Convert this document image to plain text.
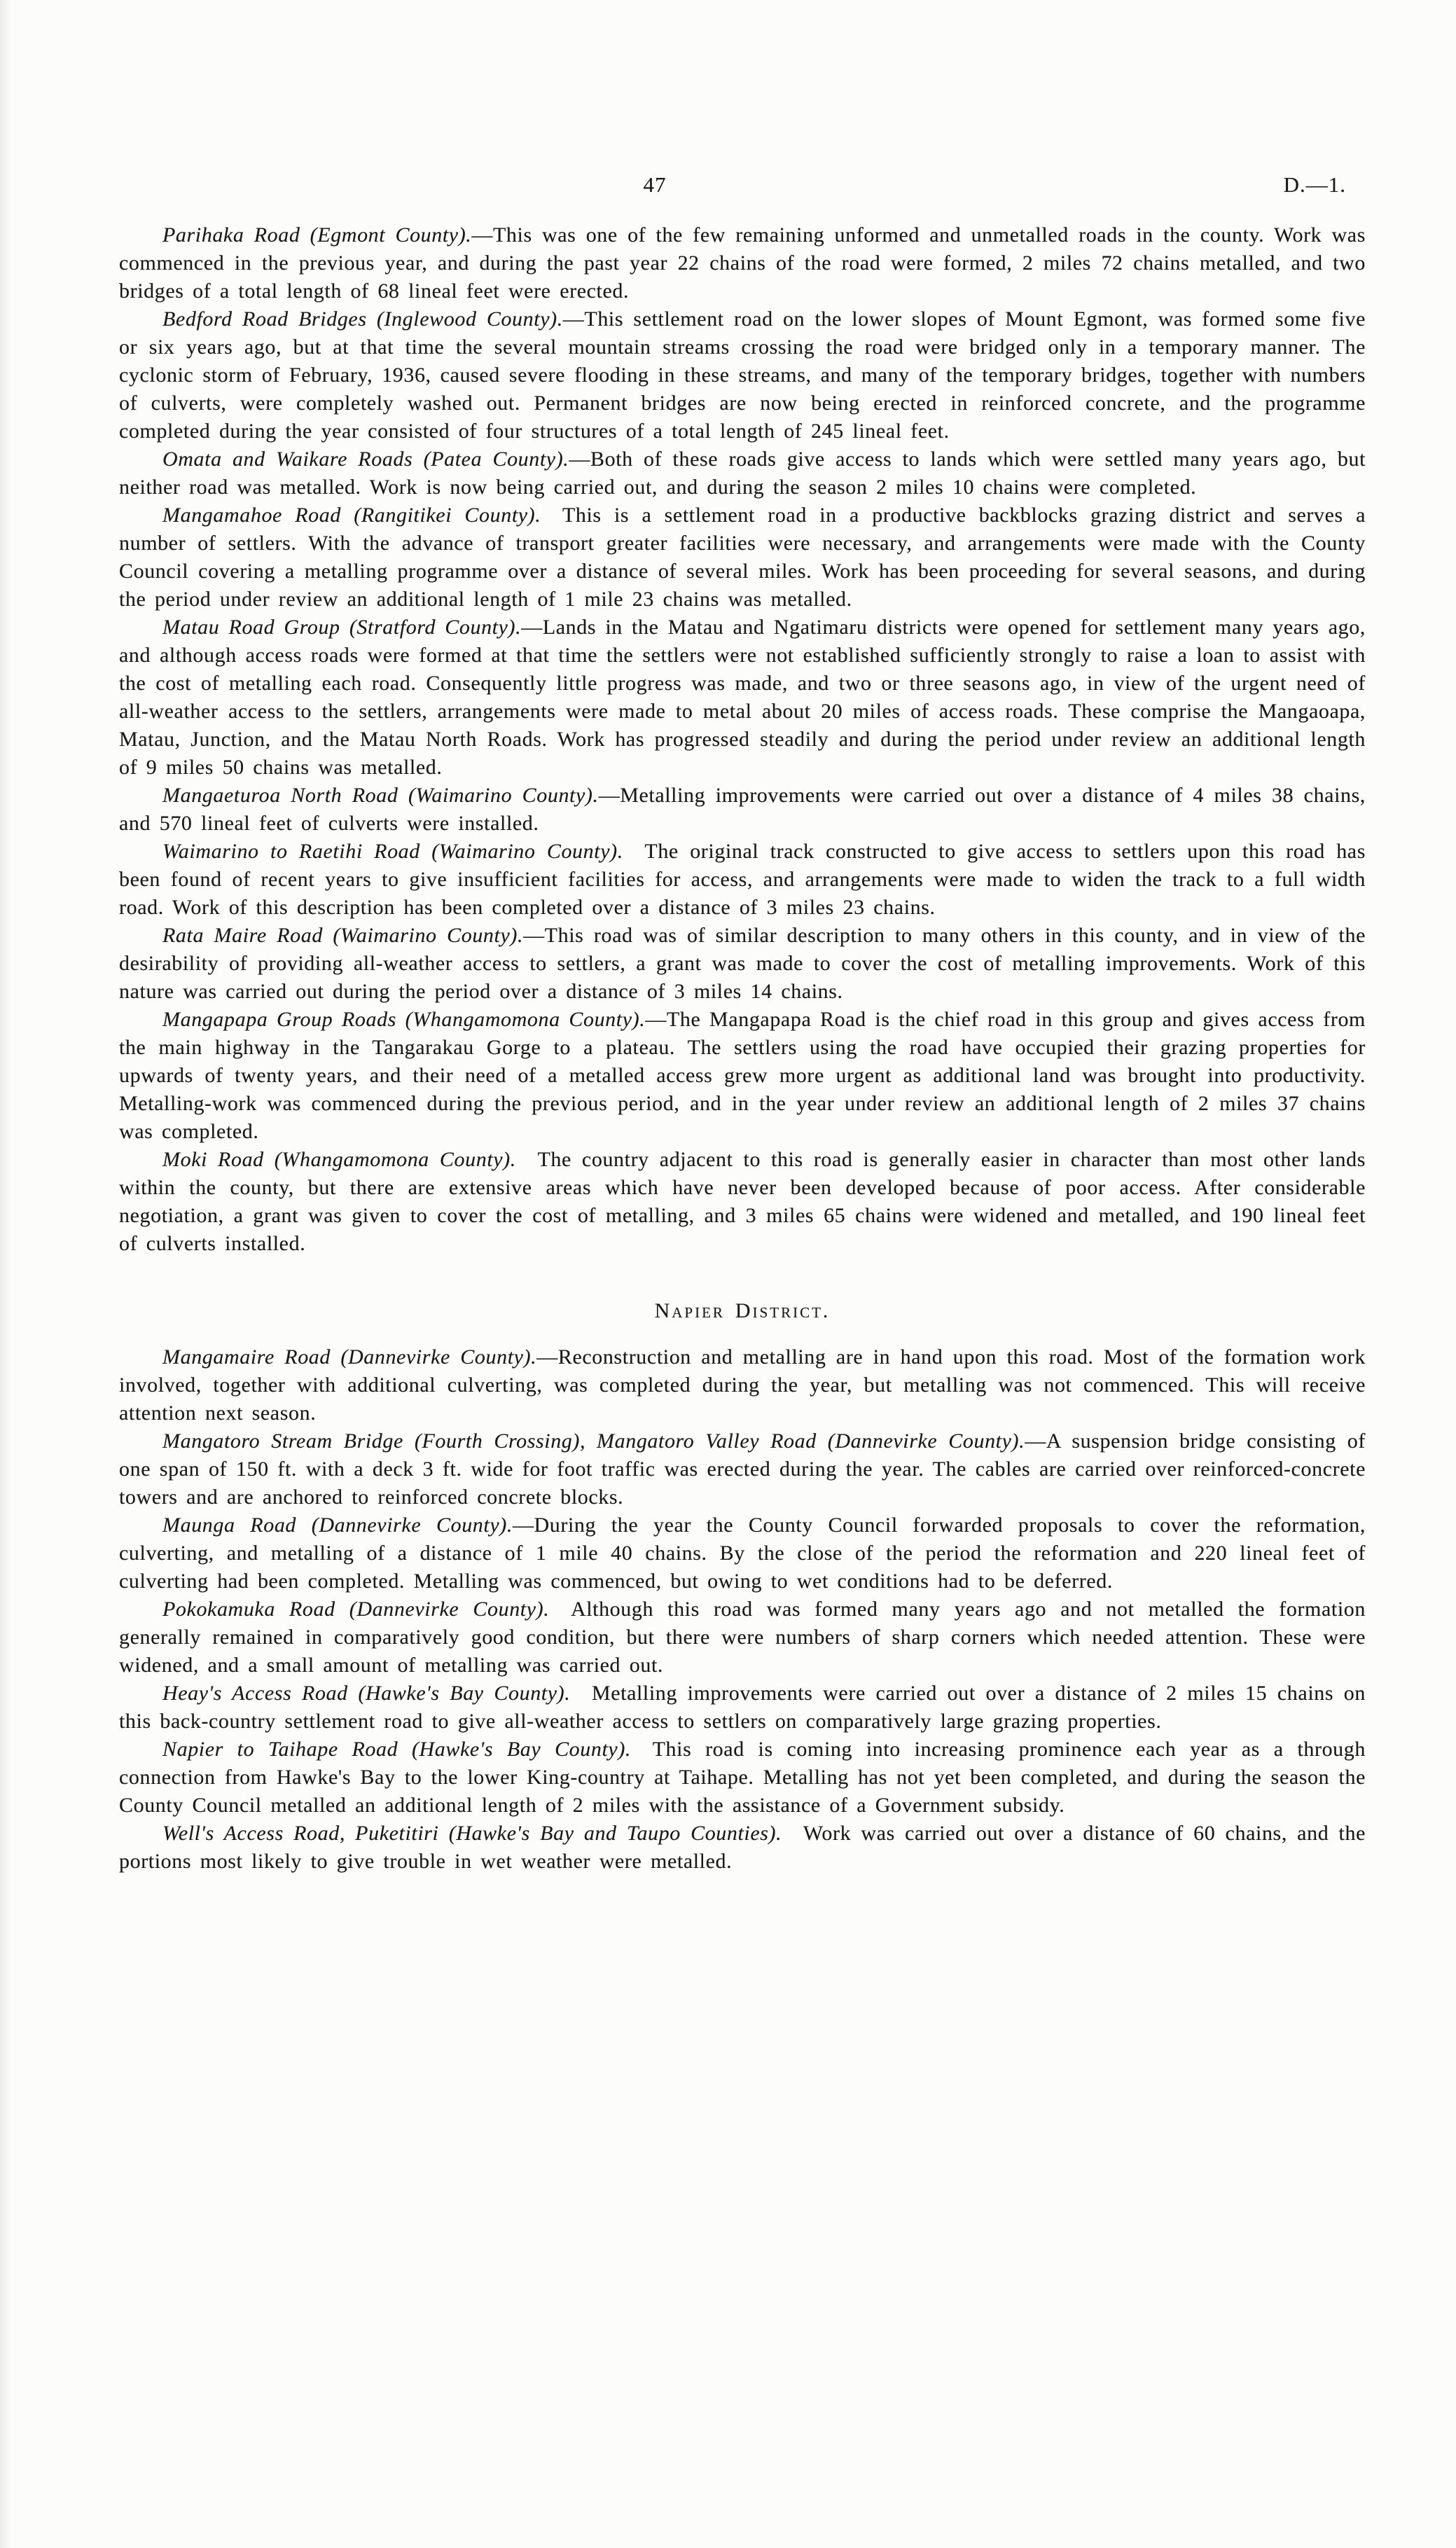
47	D.—1.

Parihaka Road (Egmont County).—This was one of the few remaining unformed and unmetalled roads in the county. Work was commenced in the previous year, and during the past year 22 chains of the road were formed, 2 miles 72 chains metalled, and two bridges of a total length of 68 lineal feet were erected.

Bedford Road Bridges (Inglewood County).—This settlement road on the lower slopes of Mount Egmont, was formed some five or six years ago, but at that time the several mountain streams crossing the road were bridged only in a temporary manner. The cyclonic storm of February, 1936, caused severe flooding in these streams, and many of the temporary bridges, together with numbers of culverts, were completely washed out. Permanent bridges are now being erected in reinforced concrete, and the programme completed during the year consisted of four structures of a total length of 245 lineal feet.

Omata and Waikare Roads (Patea County).—Both of these roads give access to lands which were settled many years ago, but neither road was metalled. Work is now being carried out, and during the season 2 miles 10 chains were completed.

Mangamahoe Road (Rangitikei County). This is a settlement road in a productive backblocks grazing district and serves a number of settlers. With the advance of transport greater facilities were necessary, and arrangements were made with the County Council covering a metalling programme over a distance of several miles. Work has been proceeding for several seasons, and during the period under review an additional length of 1 mile 23 chains was metalled.

Matau Road Group (Stratford County).—Lands in the Matau and Ngatimaru districts were opened for settlement many years ago, and although access roads were formed at that time the settlers were not established sufficiently strongly to raise a loan to assist with the cost of metalling each road. Consequently little progress was made, and two or three seasons ago, in view of the urgent need of all-weather access to the settlers, arrangements were made to metal about 20 miles of access roads. These comprise the Mangaoapa, Matau, Junction, and the Matau North Roads. Work has progressed steadily and during the period under review an additional length of 9 miles 50 chains was metalled.

Mangaeturoa North Road (Waimarino County).—Metalling improvements were carried out over a distance of 4 miles 38 chains, and 570 lineal feet of culverts were installed.

Waimarino to Raetihi Road (Waimarino County). The original track constructed to give access to settlers upon this road has been found of recent years to give insufficient facilities for access, and arrangements were made to widen the track to a full width road. Work of this description has been completed over a distance of 3 miles 23 chains.

Rata Maire Road (Waimarino County).—This road was of similar description to many others in this county, and in view of the desirability of providing all-weather access to settlers, a grant was made to cover the cost of metalling improvements. Work of this nature was carried out during the period over a distance of 3 miles 14 chains.

Mangapapa Group Roads (Whangamomona County).—The Mangapapa Road is the chief road in this group and gives access from the main highway in the Tangarakau Gorge to a plateau. The settlers using the road have occupied their grazing properties for upwards of twenty years, and their need of a metalled access grew more urgent as additional land was brought into productivity. Metalling-work was commenced during the previous period, and in the year under review an additional length of 2 miles 37 chains was completed.

Moki Road (Whangamomona County). The country adjacent to this road is generally easier in character than most other lands within the county, but there are extensive areas which have never been developed because of poor access. After considerable negotiation, a grant was given to cover the cost of metalling, and 3 miles 65 chains were widened and metalled, and 190 lineal feet of culverts installed.

Napier District.

Mangamaire Road (Dannevirke County).—Reconstruction and metalling are in hand upon this road. Most of the formation work involved, together with additional culverting, was completed during the year, but metalling was not commenced. This will receive attention next season.

Mangatoro Stream Bridge (Fourth Crossing), Mangatoro Valley Road (Dannevirke County).—A suspension bridge consisting of one span of 150 ft. with a deck 3 ft. wide for foot traffic was erected during the year. The cables are carried over reinforced-concrete towers and are anchored to reinforced concrete blocks.

Maunga Road (Dannevirke County).—During the year the County Council forwarded proposals to cover the reformation, culverting, and metalling of a distance of 1 mile 40 chains. By the close of the period the reformation and 220 lineal feet of culverting had been completed. Metalling was commenced, but owing to wet conditions had to be deferred.

Pokokamuka Road (Dannevirke County). Although this road was formed many years ago and not metalled the formation generally remained in comparatively good condition, but there were numbers of sharp corners which needed attention. These were widened, and a small amount of metalling was carried out.

Heay's Access Road (Hawke's Bay County). Metalling improvements were carried out over a distance of 2 miles 15 chains on this back-country settlement road to give all-weather access to settlers on comparatively large grazing properties.

Napier to Taihape Road (Hawke's Bay County). This road is coming into increasing prominence each year as a through connection from Hawke's Bay to the lower King-country at Taihape. Metalling has not yet been completed, and during the season the County Council metalled an additional length of 2 miles with the assistance of a Government subsidy.

Well's Access Road, Puketitiri (Hawke's Bay and Taupo Counties). Work was carried out over a distance of 60 chains, and the portions most likely to give trouble in wet weather were metalled.
